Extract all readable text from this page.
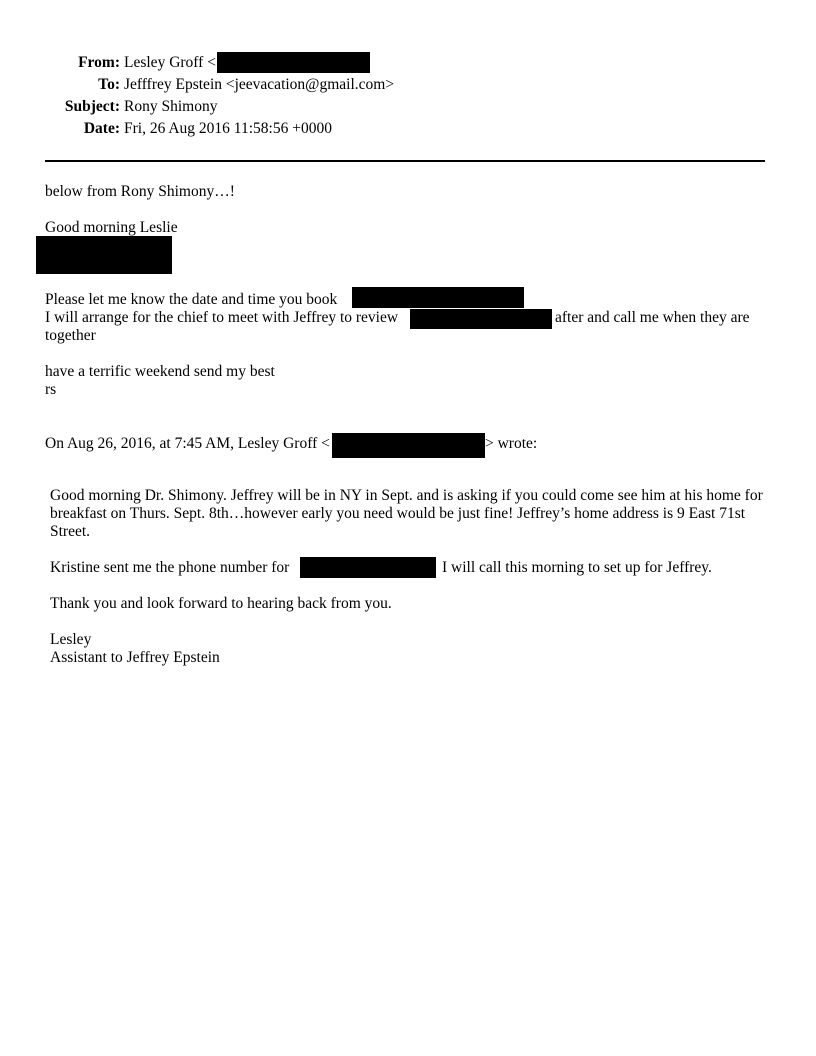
From: Lesley Groff <
To: Jefffrey Epstein <jeevacation@gmail.com>
Subject: Rony Shimony
Date: Fri, 26 Aug 2016 11:58:56 +0000
below from Rony Shimony…!
Good morning Leslie
Please let me know the date and time you book
I will arrange for the chief to meet with Jeffrey to review	after and call me when they are
together
have a terrific weekend send my best
rs
On Aug 26, 2016, at 7:45 AM, Lesley Groff <	> wrote:
Good morning Dr. Shimony. Jeffrey will be in NY in Sept. and is asking if you could come see him at his home for breakfast on Thurs. Sept. 8th…however early you need would be just fine! Jeffrey’s home address is 9 East 71st Street.
Kristine sent me the phone number for	I will call this morning to set up for Jeffrey.
Thank you and look forward to hearing back from you.
Lesley
Assistant to Jeffrey Epstein
